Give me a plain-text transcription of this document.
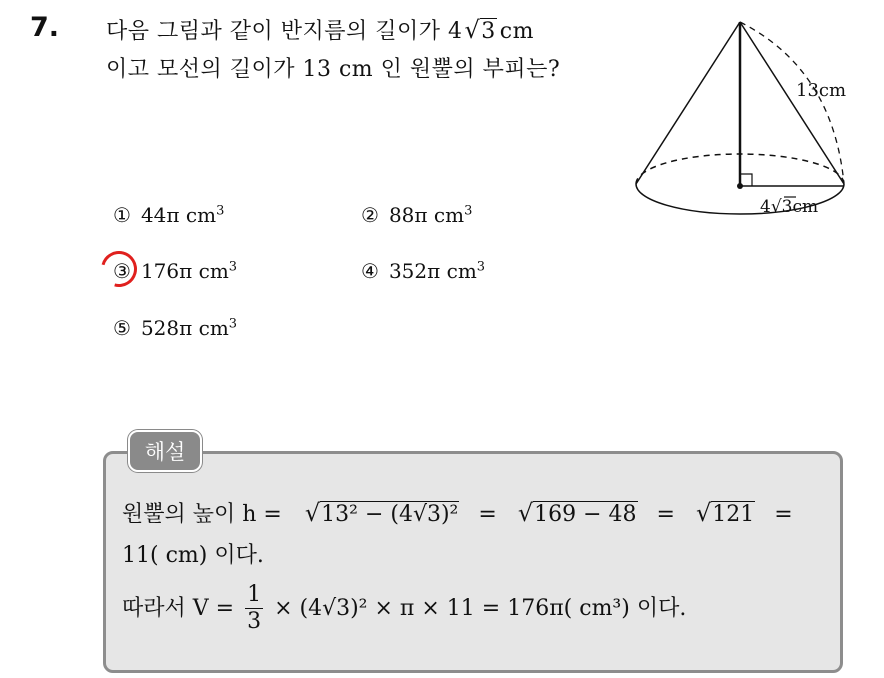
7. 다음 그림과 같이 반지름의 길이가 4√3 cm
이고 모선의 길이가 13 cm 인 원뿔의 부피는?
13cm
4√3cm
① 44π $cm^3$	② 88π $cm^3$
③ 176π $cm^3$	④ 352π $cm^3$
⑤ 528π $cm^3$
해설
원뿔의 높이 h = √13² − (4√3)² = √169 − 48 = √121 =
11( cm) 이다.
따라서 $V = \frac{1}{3} \times (4√3)^2 \times \pi \times 11 = 176\pi$( cm³) 이다.
